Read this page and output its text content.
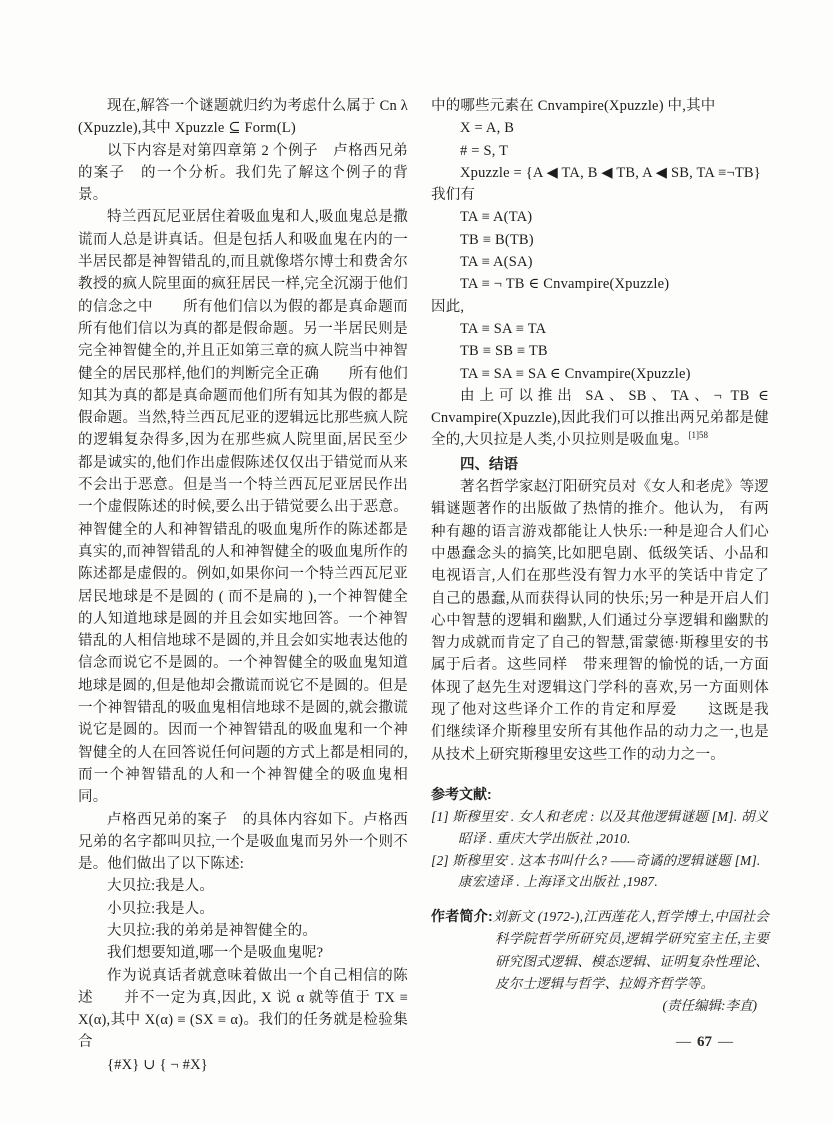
现在,解答一个谜题就归约为考虑什么属于 Cn λ (Xpuzzle),其中 Xpuzzle ⊆ Form(L)

以下内容是对第四章第 2 个例子　卢格西兄弟的案子　的一个分析。我们先了解这个例子的背景。

特兰西瓦尼亚居住着吸血鬼和人,吸血鬼总是撒谎而人总是讲真话。但是包括人和吸血鬼在内的一半居民都是神智错乱的,而且就像塔尔博士和费舍尔教授的疯人院里面的疯狂居民一样,完全沉溺于他们的信念之中　　所有他们信以为假的都是真命题而所有他们信以为真的都是假命题。另一半居民则是完全神智健全的,并且正如第三章的疯人院当中神智健全的居民那样,他们的判断完全正确　　所有他们知其为真的都是真命题而他们所有知其为假的都是假命题。当然,特兰西瓦尼亚的逻辑远比那些疯人院的逻辑复杂得多,因为在那些疯人院里面,居民至少都是诚实的,他们作出虚假陈述仅仅出于错觉而从来不会出于恶意。但是当一个特兰西瓦尼亚居民作出一个虚假陈述的时候,要么出于错觉要么出于恶意。神智健全的人和神智错乱的吸血鬼所作的陈述都是真实的,而神智错乱的人和神智健全的吸血鬼所作的陈述都是虚假的。例如,如果你问一个特兰西瓦尼亚居民地球是不是圆的 ( 而不是扁的 ),一个神智健全的人知道地球是圆的并且会如实地回答。一个神智错乱的人相信地球不是圆的,并且会如实地表达他的信念而说它不是圆的。一个神智健全的吸血鬼知道地球是圆的,但是他却会撒谎而说它不是圆的。但是一个神智错乱的吸血鬼相信地球不是圆的,就会撒谎说它是圆的。因而一个神智错乱的吸血鬼和一个神智健全的人在回答说任何问题的方式上都是相同的,而一个神智错乱的人和一个神智健全的吸血鬼相同。

卢格西兄弟的案子　的具体内容如下。卢格西兄弟的名字都叫贝拉,一个是吸血鬼而另外一个则不是。他们做出了以下陈述:

大贝拉:我是人。

小贝拉:我是人。

大贝拉:我的弟弟是神智健全的。

我们想要知道,哪一个是吸血鬼呢?

作为说真话者就意味着做出一个自己相信的陈述　　并不一定为真,因此, X 说 α 就等值于 TX ≡ X(α),其中 X(α) ≡ (SX ≡ α)。我们的任务就是检验集合

{#X} ∪ { ¬ #X}

中的哪些元素在 Cnvampire(Xpuzzle) 中,其中

X = A, B

# = S, T

Xpuzzle = {A ◀ TA, B ◀ TB, A ◀ SB, TA ≡¬TB}

我们有

TA ≡ A(TA)

TB ≡ B(TB)

TA ≡ A(SA)

TA ≡ ¬ TB ∈ Cnvampire(Xpuzzle)

因此,

TA ≡ SA ≡ TA

TB ≡ SB ≡ TB

TA ≡ SA ≡ SA ∈ Cnvampire(Xpuzzle)

由上可以推出 SA、SB、TA、¬ TB ∈ Cnvampire(Xpuzzle),因此我们可以推出两兄弟都是健全的,大贝拉是人类,小贝拉则是吸血鬼。$^{[1]58}$

四、结语

著名哲学家赵汀阳研究员对《女人和老虎》等逻辑谜题著作的出版做了热情的推介。他认为,　有两种有趣的语言游戏都能让人快乐:一种是迎合人们心中愚蠢念头的搞笑,比如肥皂剧、低级笑话、小品和电视语言,人们在那些没有智力水平的笑话中肯定了自己的愚蠢,从而获得认同的快乐;另一种是开启人们心中智慧的逻辑和幽默,人们通过分享逻辑和幽默的智力成就而肯定了自己的智慧,雷蒙德·斯穆里安的书属于后者。这些同样　带来理智的愉悦的话,一方面体现了赵先生对逻辑这门学科的喜欢,另一方面则体现了他对这些译介工作的肯定和厚爱　　这既是我们继续译介斯穆里安所有其他作品的动力之一,也是从技术上研究斯穆里安这些工作的动力之一。

参考文献:

[1] 斯穆里安 . 女人和老虎 : 以及其他逻辑谜题 [M]. 胡义昭译 . 重庆大学出版社 ,2010.

[2] 斯穆里安 . 这本书叫什么? ——奇谲的逻辑谜题 [M]. 康宏逵译 . 上海译文出版社 ,1987.

作者简介:刘新文 (1972-),江西莲花人,哲学博士,中国社会科学院哲学所研究员,逻辑学研究室主任,主要研究图式逻辑、模态逻辑、证明复杂性理论、皮尔士逻辑与哲学、拉姆齐哲学等。

(责任编辑:李直)

— 67 —
